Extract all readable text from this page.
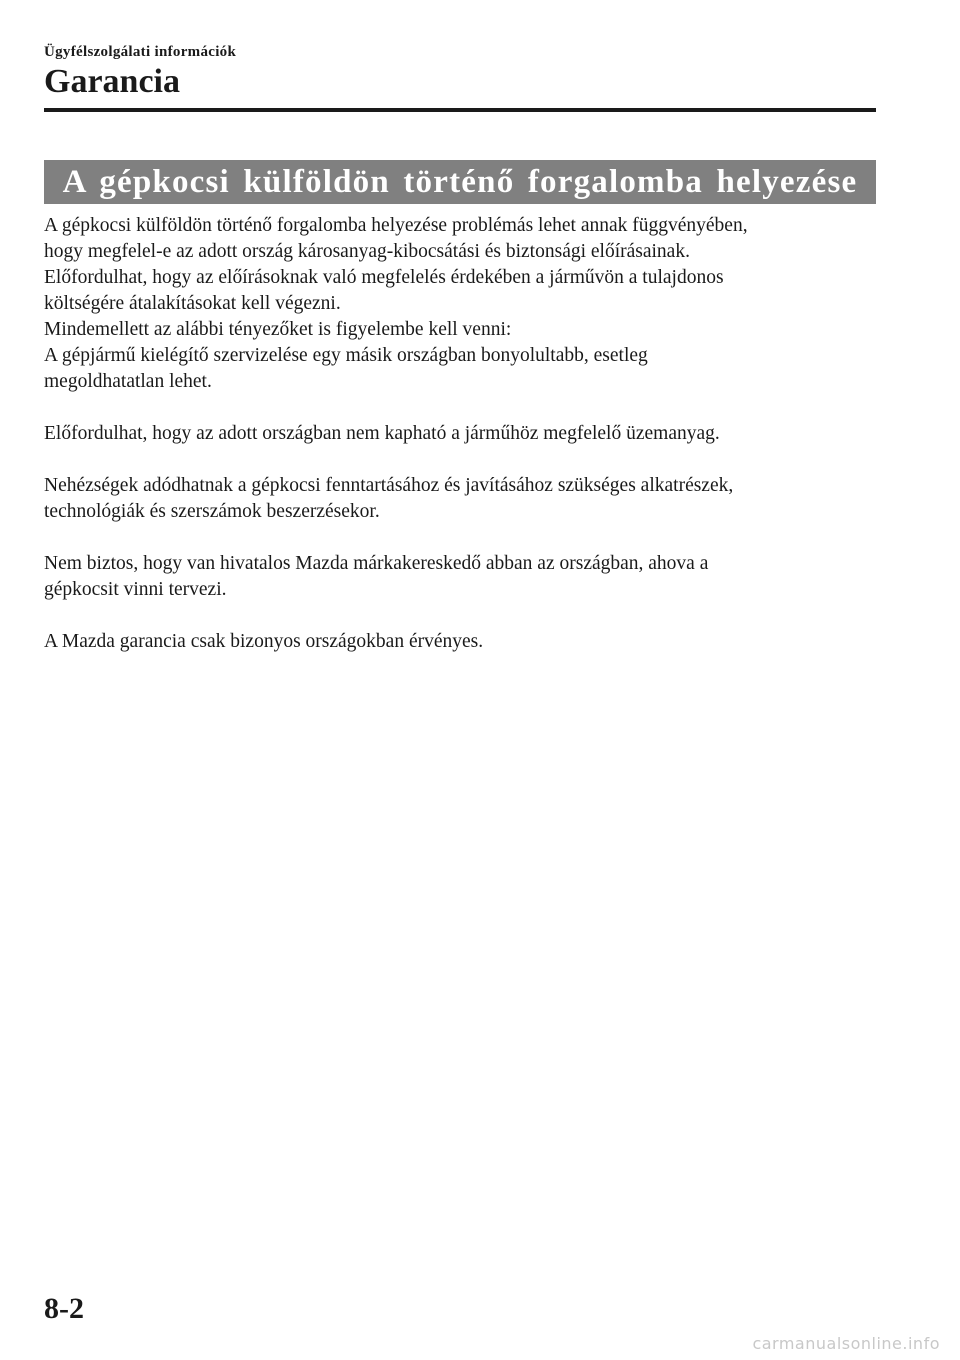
Ügyfélszolgálati információk
Garancia
A gépkocsi külföldön történő forgalomba helyezése

A gépkocsi külföldön történő forgalomba helyezése problémás lehet annak függvényében,

hogy megfelel-e az adott ország károsanyag-kibocsátási és biztonsági előírásainak.

Előfordulhat, hogy az előírásoknak való megfelelés érdekében a járművön a tulajdonos

költségére átalakításokat kell végezni.

Mindemellett az alábbi tényezőket is figyelembe kell venni:

A gépjármű kielégítő szervizelése egy másik országban bonyolultabb, esetleg

megoldhatatlan lehet.

Előfordulhat, hogy az adott országban nem kapható a járműhöz megfelelő üzemanyag.

Nehézségek adódhatnak a gépkocsi fenntartásához és javításához szükséges alkatrészek,

technológiák és szerszámok beszerzésekor.

Nem biztos, hogy van hivatalos Mazda márkakereskedő abban az országban, ahova a

gépkocsit vinni tervezi.

A Mazda garancia csak bizonyos országokban érvényes.

8-2
carmanualsonline.info
